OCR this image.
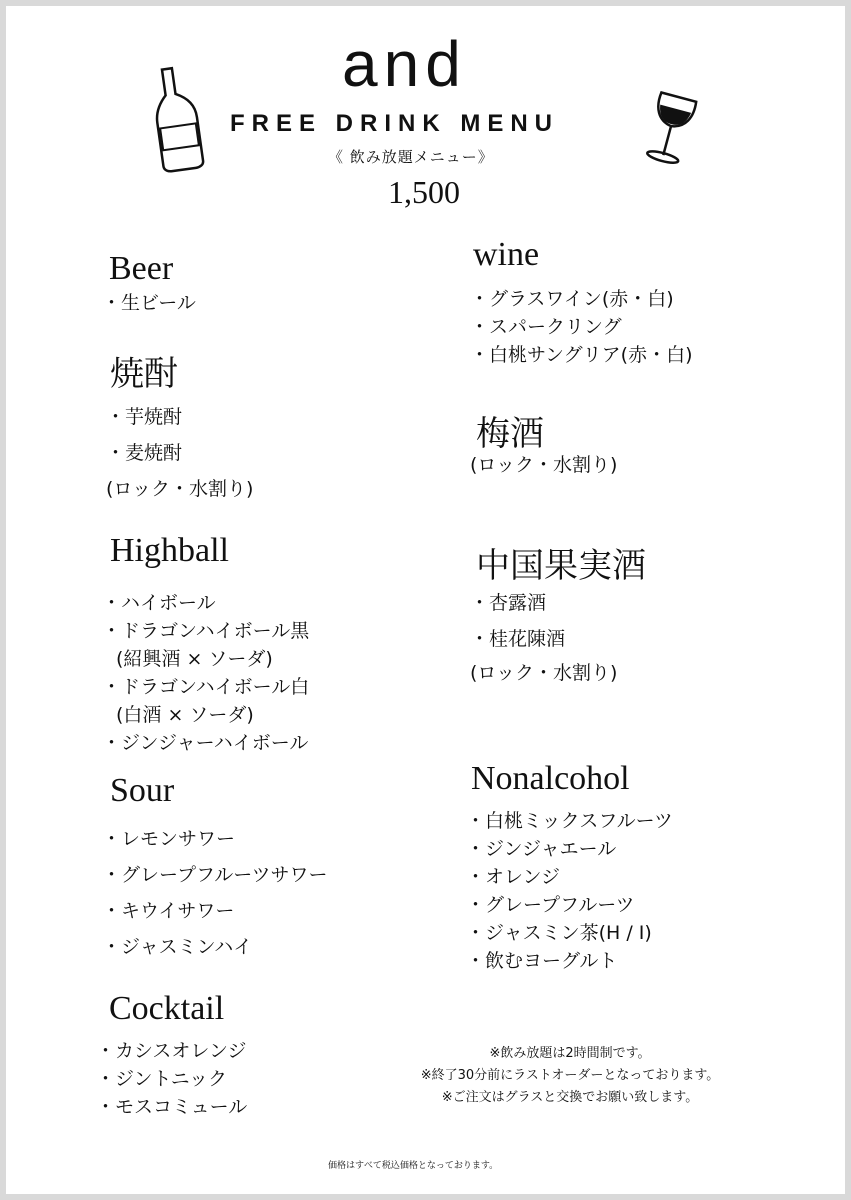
and
FREE DRINK MENU
《 飲み放題メニュー》
1,500
Beer
・生ビール
焼酎
・芋焼酎
・麦焼酎
(ロック・水割り)
Highball
・ハイボール
・ドラゴンハイボール黒
(紹興酒 × ソーダ)
・ドラゴンハイボール白
(白酒 × ソーダ)
・ジンジャーハイボール
Sour
・レモンサワー
・グレープフルーツサワー
・キウイサワー
・ジャスミンハイ
Cocktail
・カシスオレンジ
・ジントニック
・モスコミュール
wine
・グラスワイン(赤・白)
・スパークリング
・白桃サングリア(赤・白)
梅酒
(ロック・水割り)
中国果実酒
・杏露酒
・桂花陳酒
(ロック・水割り)
Nonalcohol
・白桃ミックスフルーツ
・ジンジャエール
・オレンジ
・グレープフルーツ
・ジャスミン茶(H / I)
・飲むヨーグルト
※飲み放題は2時間制です。
※終了30分前にラストオーダーとなっております。
※ご注文はグラスと交換でお願い致します。
価格はすべて税込価格となっております。
